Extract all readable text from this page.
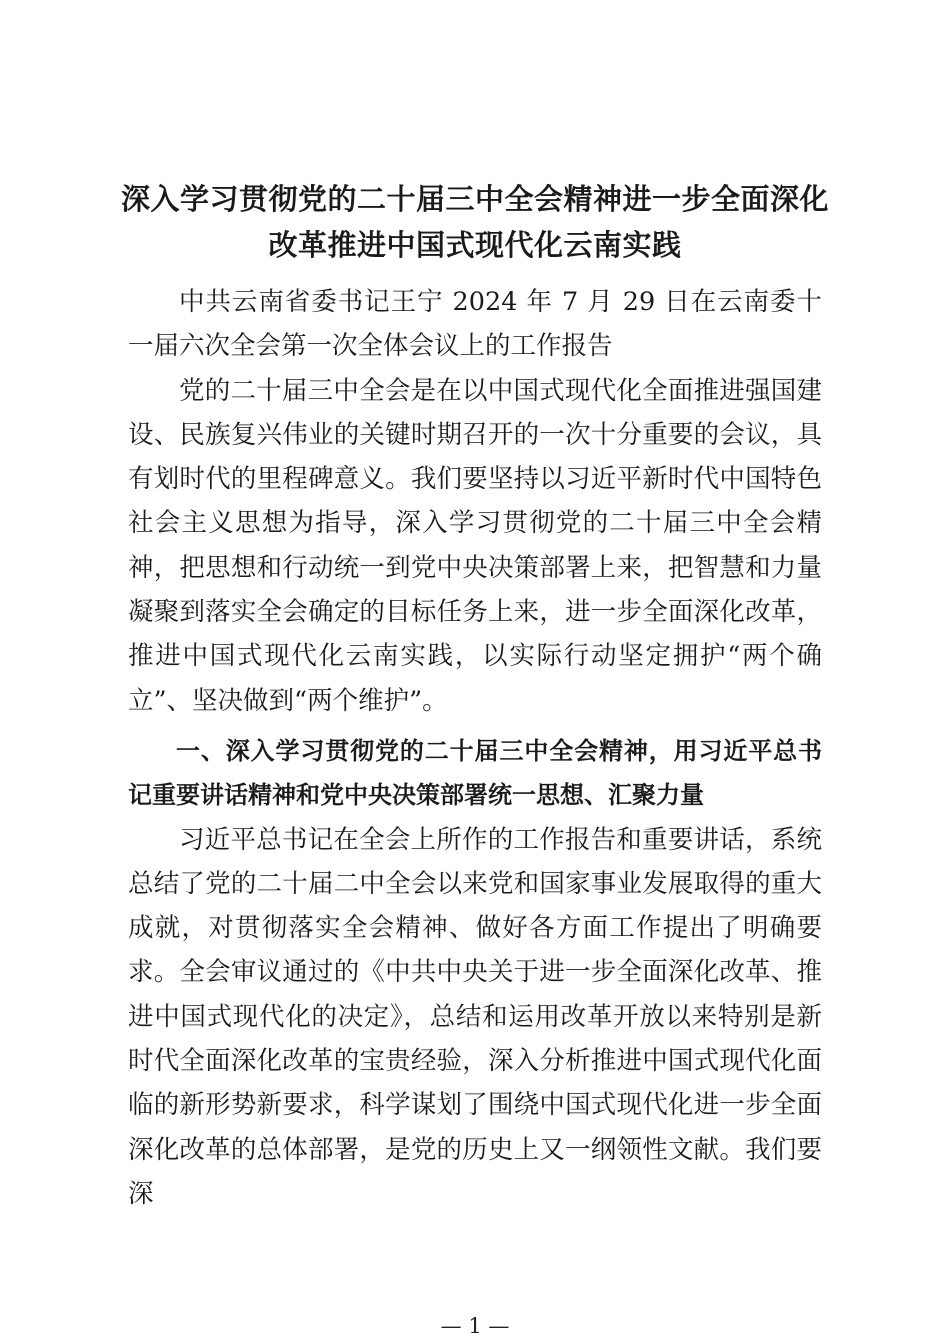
深入学习贯彻党的二十届三中全会精神进一步全面深化
改革推进中国式现代化云南实践

中共云南省委书记王宁 2024 年 7 月 29 日在云南委十一届六次全会第一次全体会议上的工作报告

党的二十届三中全会是在以中国式现代化全面推进强国建设、民族复兴伟业的关键时期召开的一次十分重要的会议，具有划时代的里程碑意义。我们要坚持以习近平新时代中国特色社会主义思想为指导，深入学习贯彻党的二十届三中全会精神，把思想和行动统一到党中央决策部署上来，把智慧和力量凝聚到落实全会确定的目标任务上来，进一步全面深化改革，推进中国式现代化云南实践，以实际行动坚定拥护“两个确立”、坚决做到“两个维护”。

一、深入学习贯彻党的二十届三中全会精神，用习近平总书记重要讲话精神和党中央决策部署统一思想、汇聚力量

习近平总书记在全会上所作的工作报告和重要讲话，系统总结了党的二十届二中全会以来党和国家事业发展取得的重大成就，对贯彻落实全会精神、做好各方面工作提出了明确要求。全会审议通过的《中共中央关于进一步全面深化改革、推进中国式现代化的决定》，总结和运用改革开放以来特别是新时代全面深化改革的宝贵经验，深入分析推进中国式现代化面临的新形势新要求，科学谋划了围绕中国式现代化进一步全面深化改革的总体部署，是党的历史上又一纲领性文献。我们要深

— 1 —
